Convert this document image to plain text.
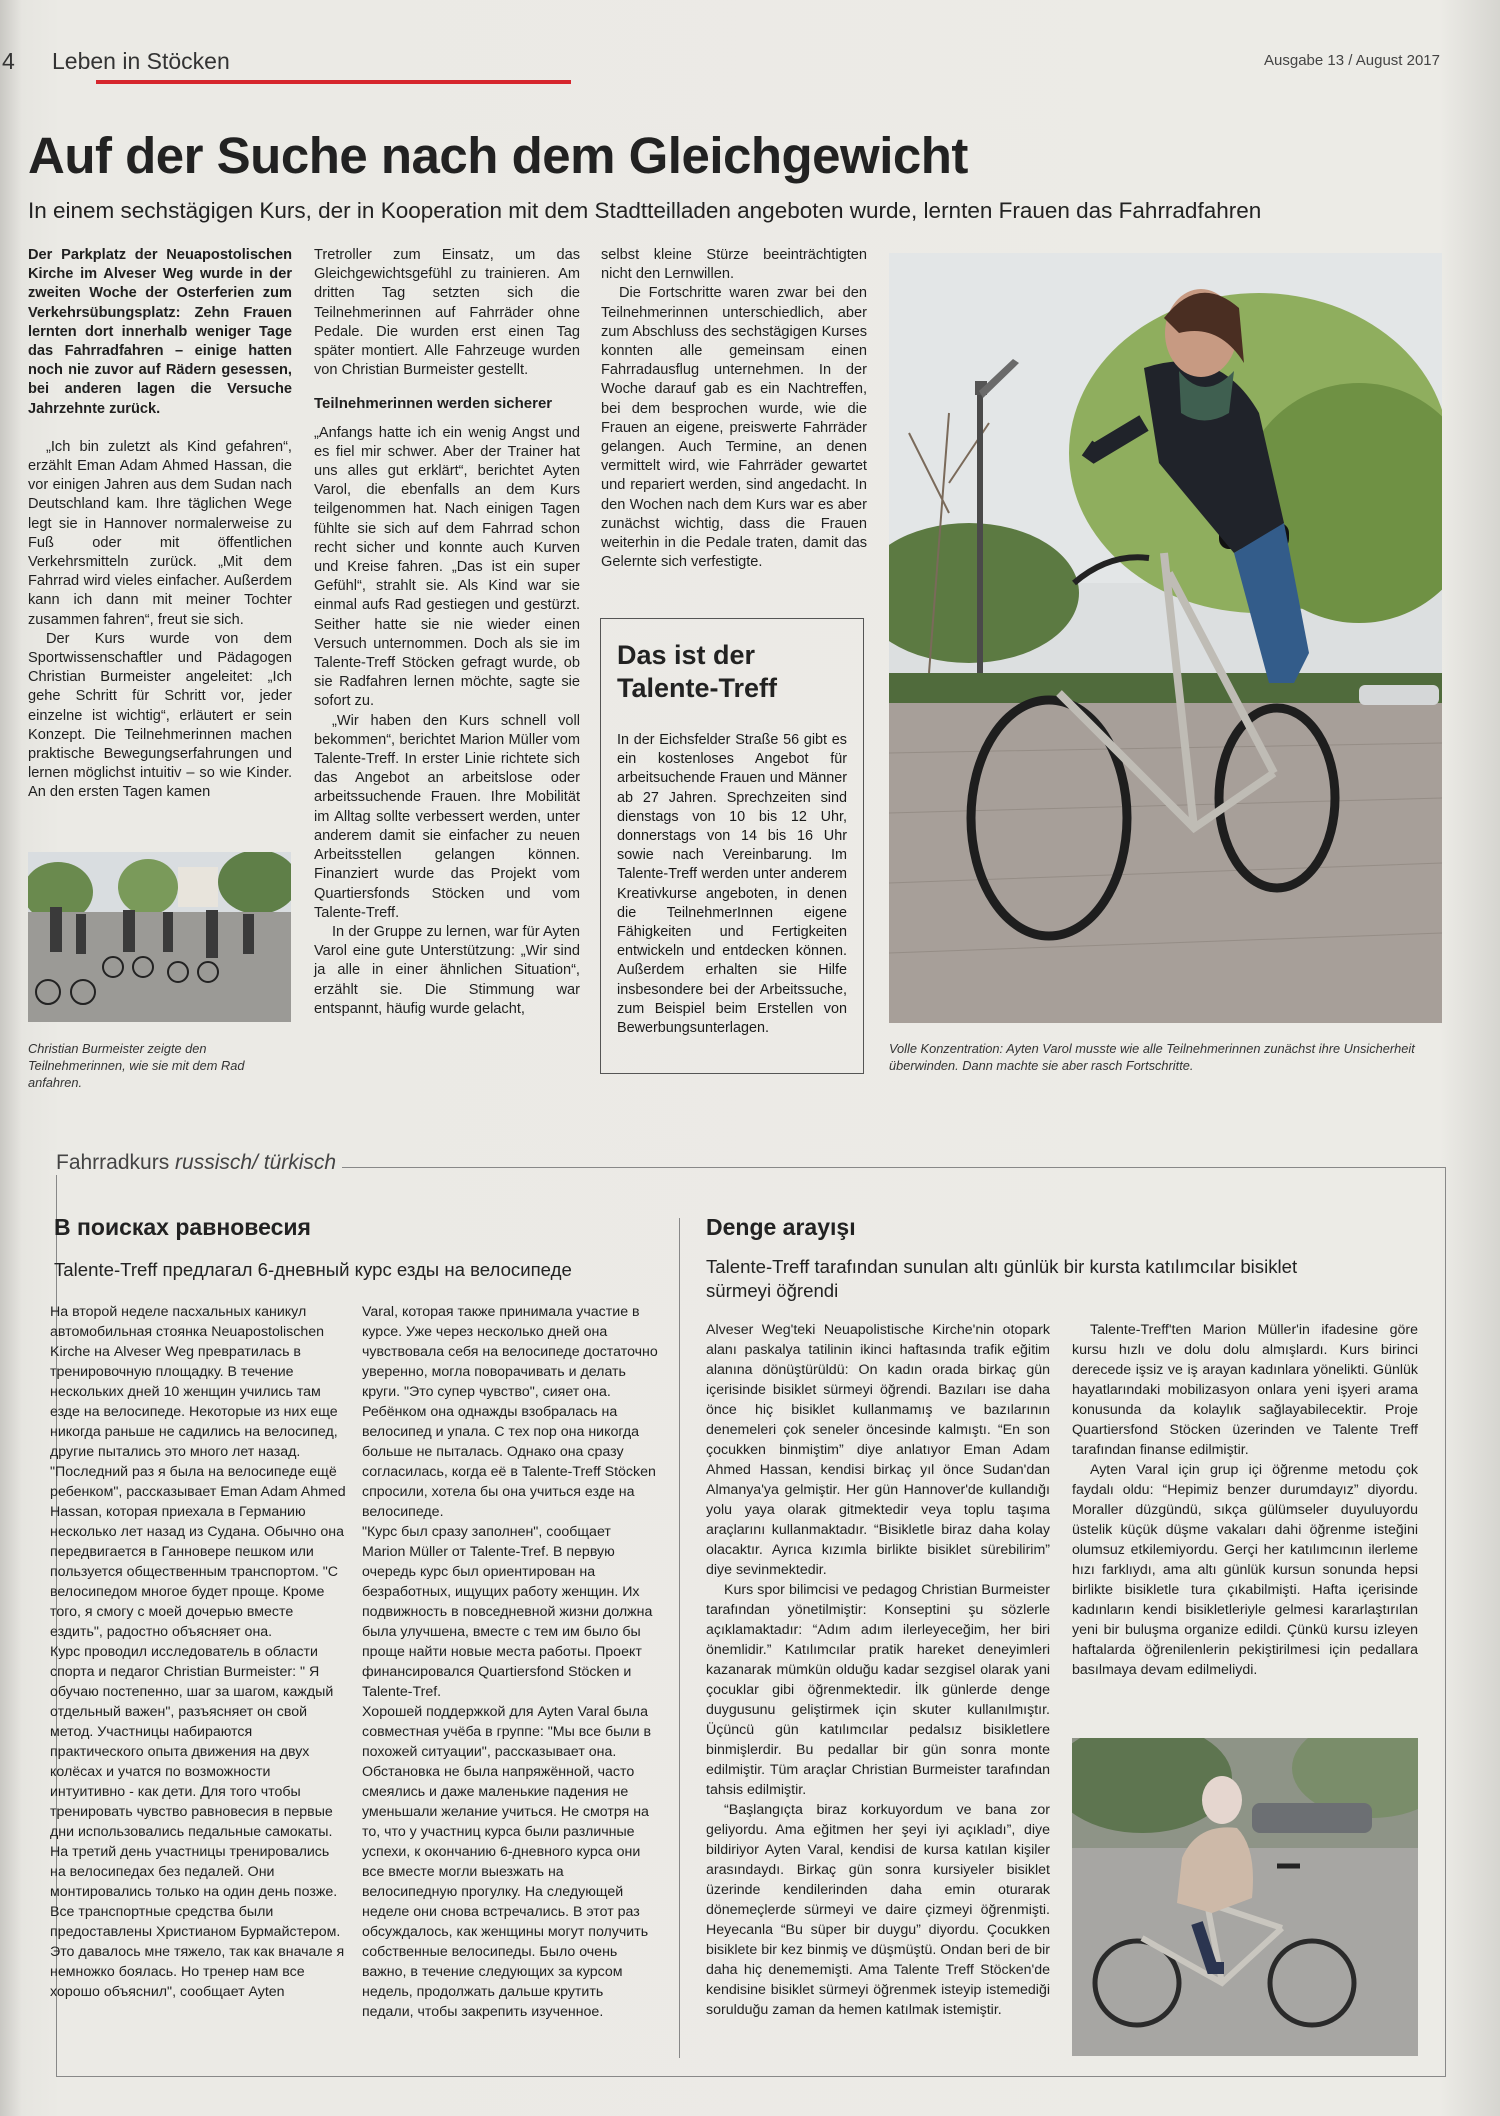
4 Leben in Stöcken	Ausgabe 13 / August 2017
Auf der Suche nach dem Gleichgewicht
In einem sechstägigen Kurs, der in Kooperation mit dem Stadtteilladen angeboten wurde, lernten Frauen das Fahrradfahren

Der Parkplatz der Neuapostolischen Kirche im Alveser Weg wurde in der zweiten Woche der Osterferien zum Verkehrsübungsplatz: Zehn Frauen lernten dort innerhalb weniger Tage das Fahrradfahren – einige hatten noch nie zuvor auf Rädern gesessen, bei anderen lagen die Versuche Jahrzehnte zurück.

„Ich bin zuletzt als Kind gefahren“, erzählt Eman Adam Ahmed Hassan, die vor einigen Jahren aus dem Sudan nach Deutschland kam. Ihre täglichen Wege legt sie in Hannover normalerweise zu Fuß oder mit öffentlichen Verkehrsmitteln zurück. „Mit dem Fahrrad wird vieles einfacher. Außerdem kann ich dann mit meiner Tochter zusammen fahren“, freut sie sich.

Der Kurs wurde von dem Sportwissenschaftler und Pädagogen Christian Burmeister angeleitet: „Ich gehe Schritt für Schritt vor, jeder einzelne ist wichtig“, erläutert er sein Konzept. Die Teilnehmerinnen machen praktische Bewegungserfahrungen und lernen möglichst intuitiv – so wie Kinder. An den ersten Tagen kamen

Christian Burmeister zeigte den Teilnehmerinnen, wie sie mit dem Rad anfahren.

Tretroller zum Einsatz, um das Gleichgewichtsgefühl zu trainieren. Am dritten Tag setzten sich die Teilnehmerinnen auf Fahrräder ohne Pedale. Die wurden erst einen Tag später montiert. Alle Fahrzeuge wurden von Christian Burmeister gestellt.

Teilnehmerinnen werden sicherer

„Anfangs hatte ich ein wenig Angst und es fiel mir schwer. Aber der Trainer hat uns alles gut erklärt“, berichtet Ayten Varol, die ebenfalls an dem Kurs teilgenommen hat. Nach einigen Tagen fühlte sie sich auf dem Fahrrad schon recht sicher und konnte auch Kurven und Kreise fahren. „Das ist ein super Gefühl“, strahlt sie. Als Kind war sie einmal aufs Rad gestiegen und gestürzt. Seither hatte sie nie wieder einen Versuch unternommen. Doch als sie im Talente-Treff Stöcken gefragt wurde, ob sie Radfahren lernen möchte, sagte sie sofort zu.

„Wir haben den Kurs schnell voll bekommen“, berichtet Marion Müller vom Talente-Treff. In erster Linie richtete sich das Angebot an arbeitslose oder arbeitssuchende Frauen. Ihre Mobilität im Alltag sollte verbessert werden, unter anderem damit sie einfacher zu neuen Arbeitsstellen gelangen können. Finanziert wurde das Projekt vom Quartiersfonds Stöcken und vom Talente-Treff.

In der Gruppe zu lernen, war für Ayten Varol eine gute Unterstützung: „Wir sind ja alle in einer ähnlichen Situation“, erzählt sie. Die Stimmung war entspannt, häufig wurde gelacht,

selbst kleine Stürze beeinträchtigten nicht den Lernwillen.

Die Fortschritte waren zwar bei den Teilnehmerinnen unterschiedlich, aber zum Abschluss des sechstägigen Kurses konnten alle gemeinsam einen Fahrradausflug unternehmen. In der Woche darauf gab es ein Nachtreffen, bei dem besprochen wurde, wie die Frauen an eigene, preiswerte Fahrräder gelangen. Auch Termine, an denen vermittelt wird, wie Fahrräder gewartet und repariert werden, sind angedacht. In den Wochen nach dem Kurs war es aber zunächst wichtig, dass die Frauen weiterhin in die Pedale traten, damit das Gelernte sich verfestigte.

Das ist der Talente-Treff
In der Eichsfelder Straße 56 gibt es ein kostenloses Angebot für arbeitsuchende Frauen und Männer ab 27 Jahren. Sprechzeiten sind dienstags von 10 bis 12 Uhr, donnerstags von 14 bis 16 Uhr sowie nach Vereinbarung. Im Talente-Treff werden unter anderem Kreativkurse angeboten, in denen die TeilnehmerInnen eigene Fähigkeiten und Fertigkeiten entwickeln und entdecken können. Außerdem erhalten sie Hilfe insbesondere bei der Arbeitssuche, zum Beispiel beim Erstellen von Bewerbungsunterlagen.
Volle Konzentration: Ayten Varol musste wie alle Teilnehmerinnen zunächst ihre Unsicherheit überwinden. Dann machte sie aber rasch Fortschritte.
Fahrradkurs russisch/ türkisch
В поисках равновесия
Talente-Treff предлагал 6-дневный курс езды на велосипеде

На второй неделе пасхальных каникул автомобильная стоянка Neuapostolischen Kirche на Alveser Weg превратилась в тренировочную площадку. В течение нескольких дней 10 женщин учились там езде на велосипеде. Некоторые из них еще никогда раньше не садились на велосипед, другие пытались это много лет назад. "Последний раз я была на велосипеде ещё ребенком", рассказывает Eman Adam Ahmed Hassan, которая приехала в Германию несколько лет назад из Судана. Обычно она передвигается в Ганновере пешком или пользуется общественным транспортом. "С велосипедом многое будет проще. Кроме того, я смогу с моей дочерью вместе ездить", радостно объясняет она.

Курс проводил исследователь в области спорта и педагог Christian Burmeister: " Я обучаю постепенно, шаг за шагом, каждый отдельный важен", разъясняет он свой метод. Участницы набираются практического опыта движения на двух колёсах и учатся по возможности интуитивно - как дети. Для того чтобы тренировать чувство равновесия в первые дни использовались педальные самокаты. На третий день участницы тренировались на велосипедах без педалей. Они монтировались только на один день позже. Все транспортные средства были предоставлены Христианом Бурмайстером.

Это давалось мне тяжело, так как вначале я немножко боялась. Но тренер нам все хорошо объяснил", сообщает Ayten

Varal, которая также принимала участие в курсе. Уже через несколько дней она чувствовала себя на велосипеде достаточно уверенно, могла поворачивать и делать круги. "Это супер чувство", сияет она. Ребёнком она однажды взобралась на велосипед и упала. С тех пор она никогда больше не пыталась. Однако она сразу согласилась, когда её в Talente-Treff Stöcken спросили, хотела бы она учиться езде на велосипеде.

"Курс был сразу заполнен", сообщает Marion Müller от Talente-Tref. В первую очередь курс был ориентирован на безработных, ищущих работу женщин. Их подвижность в повседневной жизни должна была улучшена, вместе с тем им было бы проще найти новые места работы. Проект финансировался Quartiersfond Stöcken и Talente-Tref.

Хорошей поддержкой для Ayten Varal была совместная учёба в группе: "Мы все были в похожей ситуации", рассказывает она. Обстановка не была напряжённой, часто смеялись и даже маленькие падения не уменьшали желание учиться. Не смотря на то, что у участниц курса были различные успехи, к окончанию 6-дневного курса они все вместе могли выезжать на велосипедную прогулку. На следующей неделе они снова встречались. В этот раз обсуждалось, как женщины могут получить собственные велосипеды. Было очень важно, в течение следующих за курсом недель, продолжать дальше крутить педали, чтобы закрепить изученное.

Denge arayışı
Talente-Treff tarafından sunulan altı günlük bir kursta katılımcılar bisiklet sürmeyi öğrendi

Alveser Weg'teki Neuapolistische Kirche'nin otopark alanı paskalya tatilinin ikinci haftasında trafik eğitim alanına dönüştürüldü: On kadın orada birkaç gün içerisinde bisiklet sürmeyi öğrendi. Bazıları ise daha önce hiç bisiklet kullanmamış ve bazılarının denemeleri çok seneler öncesinde kalmıştı. “En son çocukken binmiştim” diye anlatıyor Eman Adam Ahmed Hassan, kendisi birkaç yıl önce Sudan'dan Almanya'ya gelmiştir. Her gün Hannover'de kullandığı yolu yaya olarak gitmektedir veya toplu taşıma araçlarını kullanmaktadır. “Bisikletle biraz daha kolay olacaktır. Ayrıca kızımla birlikte bisiklet sürebilirim” diye sevinmektedir.

Kurs spor bilimcisi ve pedagog Christian Burmeister tarafından yönetilmiştir: Konseptini şu sözlerle açıklamaktadır: “Adım adım ilerleyeceğim, her biri önemlidir.” Katılımcılar pratik hareket deneyimleri kazanarak mümkün olduğu kadar sezgisel olarak yani çocuklar gibi öğrenmektedir. İlk günlerde denge duygusunu geliştirmek için skuter kullanılmıştır. Üçüncü gün katılımcılar pedalsız bisikletlere binmişlerdir. Bu pedallar bir gün sonra monte edilmiştir. Tüm araçlar Christian Burmeister tarafından tahsis edilmiştir.

“Başlangıçta biraz korkuyordum ve bana zor geliyordu. Ama eğitmen her şeyi iyi açıkladı”, diye bildiriyor Ayten Varal, kendisi de kursa katılan kişiler arasındaydı. Birkaç gün sonra kursiyeler bisiklet üzerinde kendilerinden daha emin oturarak dönemeçlerde sürmeyi ve daire çizmeyi öğrenmişti. Heyecanla “Bu süper bir duygu” diyordu. Çocukken bisiklete bir kez binmiş ve düşmüştü. Ondan beri de bir daha hiç denememişti. Ama Talente Treff Stöcken'de kendisine bisiklet sürmeyi öğrenmek isteyip istemediği sorulduğu zaman da hemen katılmak istemiştir.

Talente-Treff'ten Marion Müller'in ifadesine göre kursu hızlı ve dolu dolu almışlardı. Kurs birinci derecede işsiz ve iş arayan kadınlara yönelikti. Günlük hayatlarındaki mobilizasyon onlara yeni işyeri arama konusunda da kolaylık sağlayabilecektir. Proje Quartiersfond Stöcken üzerinden ve Talente Treff tarafından finanse edilmiştir.

Ayten Varal için grup içi öğrenme metodu çok faydalı oldu: “Hepimiz benzer durumdayız” diyordu. Moraller düzgündü, sıkça gülümseler duyuluyordu üstelik küçük düşme vakaları dahi öğrenme isteğini olumsuz etkilemiyordu. Gerçi her katılımcının ilerleme hızı farklıydı, ama altı günlük kursun sonunda hepsi birlikte bisikletle tura çıkabilmişti. Hafta içerisinde kadınların kendi bisikletleriyle gelmesi kararlaştırılan yeni bir buluşma organize edildi. Çünkü kursu izleyen haftalarda öğrenilenlerin pekiştirilmesi için pedallara basılmaya devam edilmeliydi.
